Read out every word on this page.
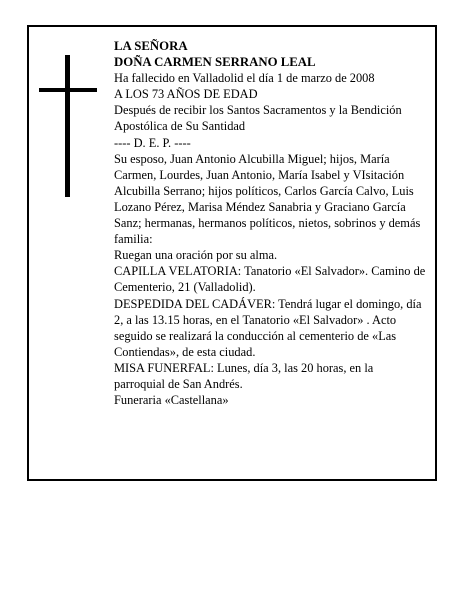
LA SEÑORA

DOÑA CARMEN SERRANO LEAL

Ha fallecido en Valladolid el día 1 de marzo de 2008

A LOS 73 AÑOS DE EDAD

Después de recibir los Santos Sacramentos y la Bendición Apostólica de Su Santidad

---- D. E. P. ----

Su esposo, Juan Antonio Alcubilla Miguel; hijos, María Carmen, Lourdes, Juan Antonio, María Isabel y VIsitación Alcubilla Serrano; hijos políticos, Carlos García Calvo, Luis Lozano Pérez, Marisa Méndez Sanabria y Graciano García Sanz; hermanas, hermanos políticos, nietos, sobrinos y demás familia:

Ruegan una oración por su alma.

CAPILLA VELATORIA: Tanatorio «El Salvador». Camino de Cementerio, 21 (Valladolid).

DESPEDIDA DEL CADÁVER: Tendrá lugar el domingo, día 2, a las 13.15 horas, en el Tanatorio «El Salvador» . Acto seguido se realizará la conducción al cementerio de «Las Contiendas», de esta ciudad.

MISA FUNERFAL: Lunes, día 3, las 20 horas, en la parroquial de San Andrés.

Funeraria «Castellana»
